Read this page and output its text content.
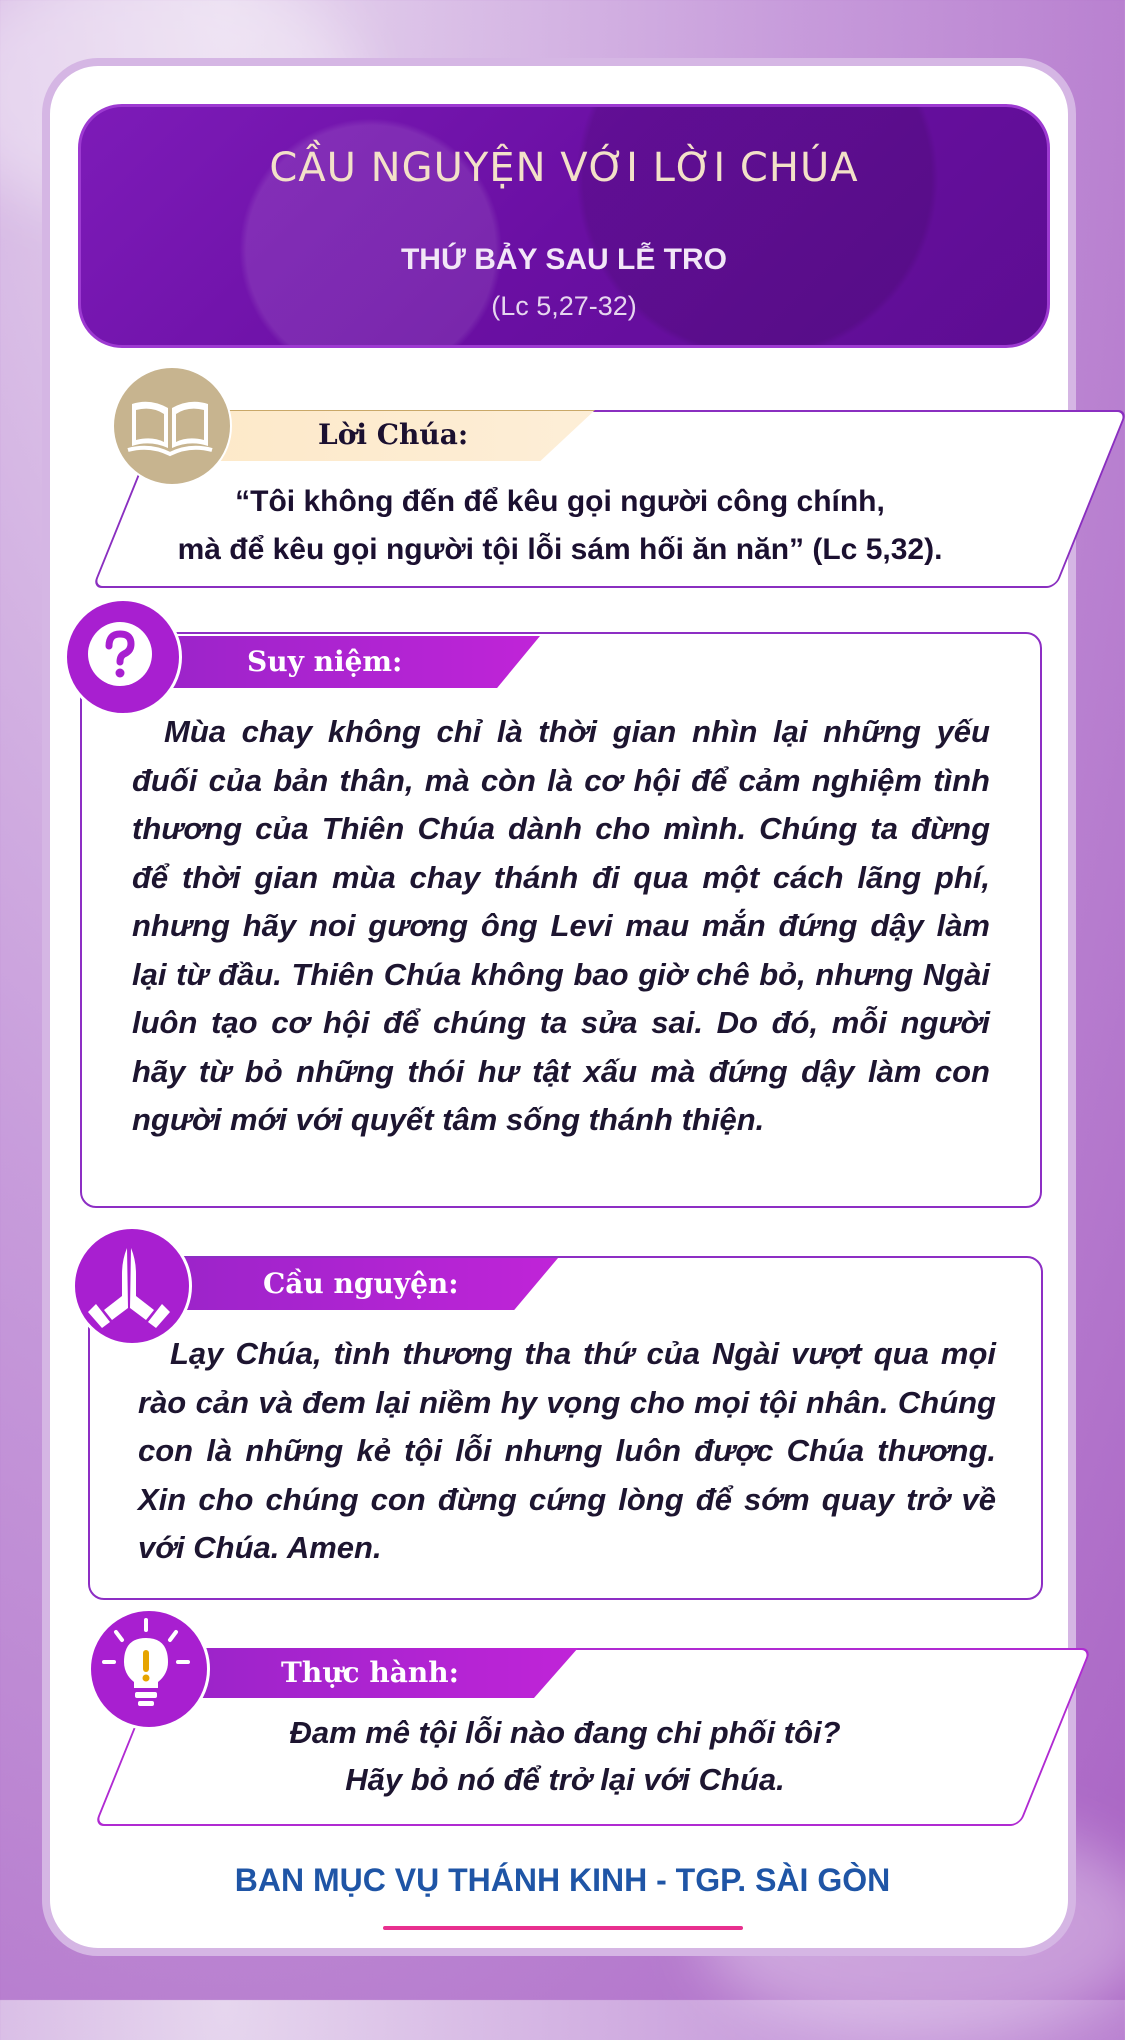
CẦU NGUYỆN VỚI LỜI CHÚA
THỨ BẢY SAU LỄ TRO
(Lc 5,27-32)
Lời Chúa:
“Tôi không đến để kêu gọi người công chính,
mà để kêu gọi người tội lỗi sám hối ăn năn” (Lc 5,32).
Suy niệm:
Mùa chay không chỉ là thời gian nhìn lại những yếu đuối của bản thân, mà còn là cơ hội để cảm nghiệm tình thương của Thiên Chúa dành cho mình. Chúng ta đừng để thời gian mùa chay thánh đi qua một cách lãng phí, nhưng hãy noi gương ông Levi mau mắn đứng dậy làm lại từ đầu. Thiên Chúa không bao giờ chê bỏ, nhưng Ngài luôn tạo cơ hội để chúng ta sửa sai. Do đó, mỗi người hãy từ bỏ những thói hư tật xấu mà đứng dậy làm con người mới với quyết tâm sống thánh thiện.
Cầu nguyện:
Lạy Chúa, tình thương tha thứ của Ngài vượt qua mọi rào cản và đem lại niềm hy vọng cho mọi tội nhân. Chúng con là những kẻ tội lỗi nhưng luôn được Chúa thương. Xin cho chúng con đừng cứng lòng để sớm quay trở về với Chúa. Amen.
Thực hành:
Đam mê tội lỗi nào đang chi phối tôi?
Hãy bỏ nó để trở lại với Chúa.
BAN MỤC VỤ THÁNH KINH - TGP. SÀI GÒN
